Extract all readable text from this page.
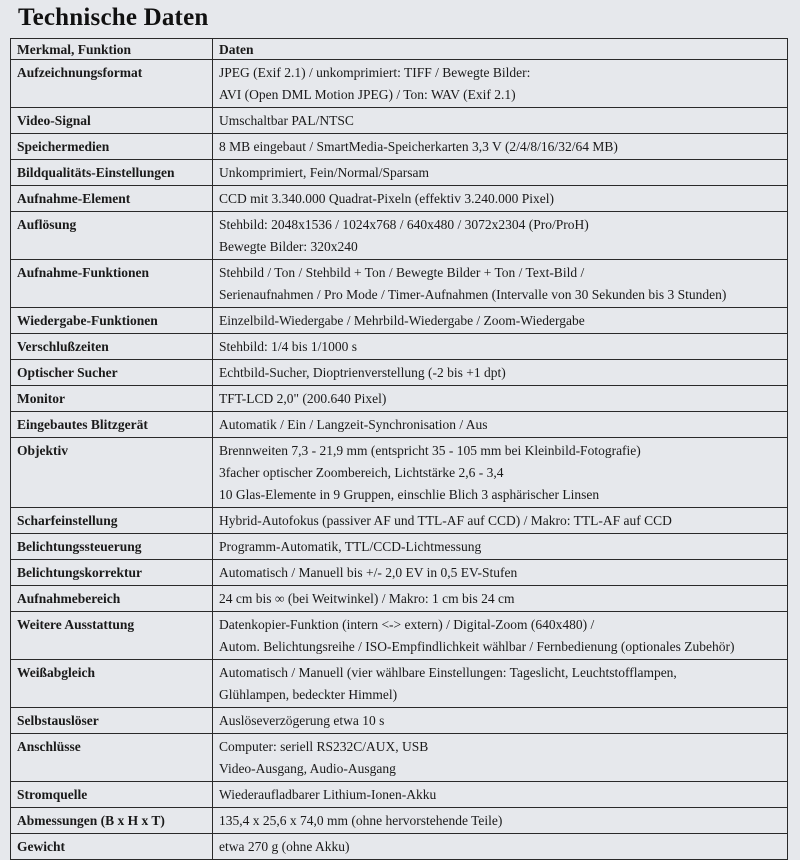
Technische Daten
Merkmal, Funktion	Daten
Aufzeichnungsformat	JPEG (Exif 2.1) / unkomprimiert: TIFF / Bewegte Bilder:
AVI (Open DML Motion JPEG) / Ton: WAV (Exif 2.1)

Video-Signal	Umschaltbar PAL/NTSC

Speichermedien	8 MB eingebaut / SmartMedia-Speicherkarten 3,3 V (2/4/8/16/32/64 MB)

Bildqualitäts-Einstellungen	Unkomprimiert, Fein/Normal/Sparsam

Aufnahme-Element	CCD mit 3.340.000 Quadrat-Pixeln (effektiv 3.240.000 Pixel)

Auflösung	Stehbild: 2048x1536 / 1024x768 / 640x480 / 3072x2304 (Pro/ProH)
Bewegte Bilder: 320x240

Aufnahme-Funktionen	Stehbild / Ton / Stehbild + Ton / Bewegte Bilder + Ton / Text-Bild /
Serienaufnahmen / Pro Mode / Timer-Aufnahmen (Intervalle von 30 Sekunden bis 3 Stunden)

Wiedergabe-Funktionen	Einzelbild-Wiedergabe / Mehrbild-Wiedergabe / Zoom-Wiedergabe

Verschlußzeiten	Stehbild: 1/4 bis 1/1000 s

Optischer Sucher	Echtbild-Sucher, Dioptrienverstellung (-2 bis +1 dpt)

Monitor	TFT-LCD 2,0" (200.640 Pixel)

Eingebautes Blitzgerät	Automatik / Ein / Langzeit-Synchronisation / Aus

Objektiv	Brennweiten 7,3 - 21,9 mm (entspricht 35 - 105 mm bei Kleinbild-Fotografie)
3facher optischer Zoombereich, Lichtstärke 2,6 - 3,4
10 Glas-Elemente in 9 Gruppen, einschlie Blich 3 asphärischer Linsen

Scharfeinstellung	Hybrid-Autofokus (passiver AF und TTL-AF auf CCD) / Makro: TTL-AF auf CCD

Belichtungssteuerung	Programm-Automatik, TTL/CCD-Lichtmessung

Belichtungskorrektur	Automatisch / Manuell bis +/- 2,0 EV in 0,5 EV-Stufen

Aufnahmebereich	24 cm bis ∞ (bei Weitwinkel) / Makro: 1 cm bis 24 cm

Weitere Ausstattung	Datenkopier-Funktion (intern <-> extern) / Digital-Zoom (640x480) /
Autom. Belichtungsreihe / ISO-Empfindlichkeit wählbar / Fernbedienung (optionales Zubehör)

Weißabgleich	Automatisch / Manuell (vier wählbare Einstellungen: Tageslicht, Leuchtstofflampen,
Glühlampen, bedeckter Himmel)

Selbstauslöser	Auslöseverzögerung etwa 10 s

Anschlüsse	Computer: seriell RS232C/AUX, USB
Video-Ausgang, Audio-Ausgang

Stromquelle	Wiederaufladbarer Lithium-Ionen-Akku

Abmessungen (B x H x T)	135,4 x 25,6 x 74,0 mm (ohne hervorstehende Teile)

Gewicht	etwa 270 g (ohne Akku)
